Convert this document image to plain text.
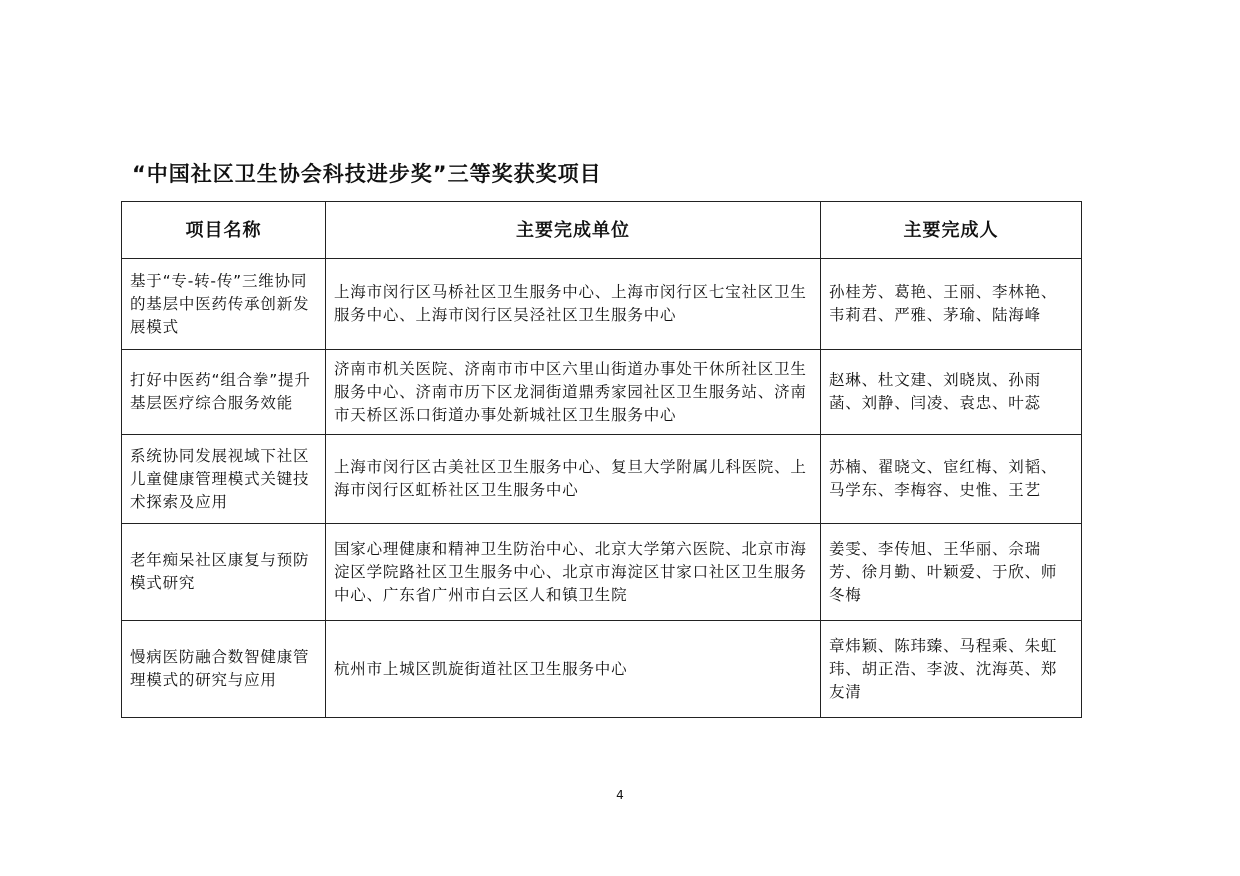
“中国社区卫生协会科技进步奖”三等奖获奖项目
项目名称	主要完成单位	主要完成人
基于“专-转-传”三维协同的基层中医药传承创新发展模式	上海市闵行区马桥社区卫生服务中心、上海市闵行区七宝社区卫生服务中心、上海市闵行区吴泾社区卫生服务中心	孙桂芳、葛艳、王丽、李林艳、韦莉君、严雅、茅瑜、陆海峰
打好中医药“组合拳”提升基层医疗综合服务效能	济南市机关医院、济南市市中区六里山街道办事处干休所社区卫生服务中心、济南市历下区龙洞街道鼎秀家园社区卫生服务站、济南市天桥区泺口街道办事处新城社区卫生服务中心	赵琳、杜文建、刘晓岚、孙雨菡、刘静、闫凌、袁忠、叶蕊
系统协同发展视域下社区儿童健康管理模式关键技术探索及应用	上海市闵行区古美社区卫生服务中心、复旦大学附属儿科医院、上海市闵行区虹桥社区卫生服务中心	苏楠、翟晓文、宦红梅、刘韬、马学东、李梅容、史惟、王艺
老年痴呆社区康复与预防模式研究	国家心理健康和精神卫生防治中心、北京大学第六医院、北京市海淀区学院路社区卫生服务中心、北京市海淀区甘家口社区卫生服务中心、广东省广州市白云区人和镇卫生院	姜雯、李传旭、王华丽、佘瑞芳、徐月勤、叶颖爱、于欣、师冬梅
慢病医防融合数智健康管理模式的研究与应用	杭州市上城区凯旋街道社区卫生服务中心	章炜颖、陈玮臻、马程乘、朱虹玮、胡正浩、李波、沈海英、郑友清
4
